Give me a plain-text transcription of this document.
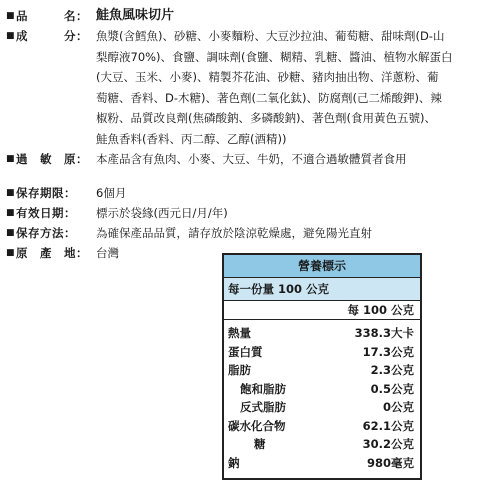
■ 品　　　名： 鮭魚風味切片
■ 成　　　分： 魚漿(含鱈魚)、砂糖、小麥麵粉、大豆沙拉油、葡萄糖、甜味劑(D-山
梨醇液70%)、食鹽、調味劑(食鹽、糊精、乳糖、醬油、植物水解蛋白
(大豆、玉米、小麥)、精製芥花油、砂糖、豬肉抽出物、洋蔥粉、葡
萄糖、香料、D-木糖)、著色劑(二氧化鈦)、防腐劑(己二烯酸鉀)、辣
椒粉、品質改良劑(焦磷酸鈉、多磷酸鈉)、著色劑(食用黃色五號)、
鮭魚香料(香料、丙二醇、乙醇(酒精))
■ 過　敏　原： 本產品含有魚肉、小麥、大豆、牛奶，不適合過敏體質者食用
■ 保存期限：	6個月
■ 有效日期：	標示於袋緣(西元日/月/年)
■ 保存方法：	為確保產品品質，請存放於陰涼乾燥處，避免陽光直射
■ 原　產　地： 台灣
營養標示
每一份量 100 公克
每 100 公克
熱量	338.3大卡
蛋白質	17.3公克
脂肪	2.3公克
飽和脂肪	0.5公克
反式脂肪	0公克
碳水化合物	62.1公克
糖	30.2公克
鈉	980毫克
